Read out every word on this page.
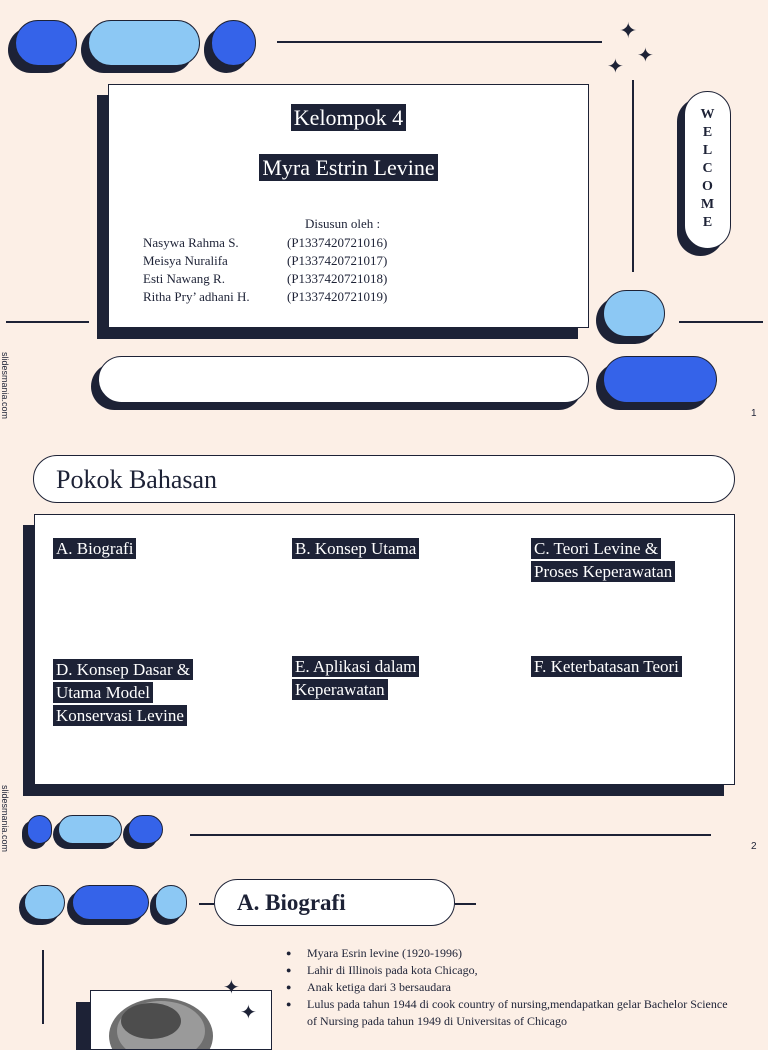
✦
✦ ✦
Kelompok 4
Myra Estrin Levine
Disusun oleh :
Nasywa Rahma S.	(P1337420721016)
Meisya Nuralifa	(P1337420721017)
Esti Nawang R.	(P1337420721018)
Ritha Pry’ adhani H.	(P1337420721019)
W
E
L
C
O
M
E
slidesmania.com	1
Pokok Bahasan
A. Biografi	B. Konsep Utama	C. Teori Levine & Proses Keperawatan
D. Konsep Dasar & Utama Model Konservasi Levine
E. Aplikasi dalam Keperawatan
F. Keterbatasan Teori
slidesmania.com	2
A. Biografi
✦
✦
● Myara Esrin levine (1920-1996)
● Lahir di Illinois pada kota Chicago,
● Anak ketiga dari 3 bersaudara
● Lulus pada tahun 1944 di cook country of nursing,mendapatkan gelar Bachelor Science of Nursing pada tahun 1949 di Universitas of Chicago
